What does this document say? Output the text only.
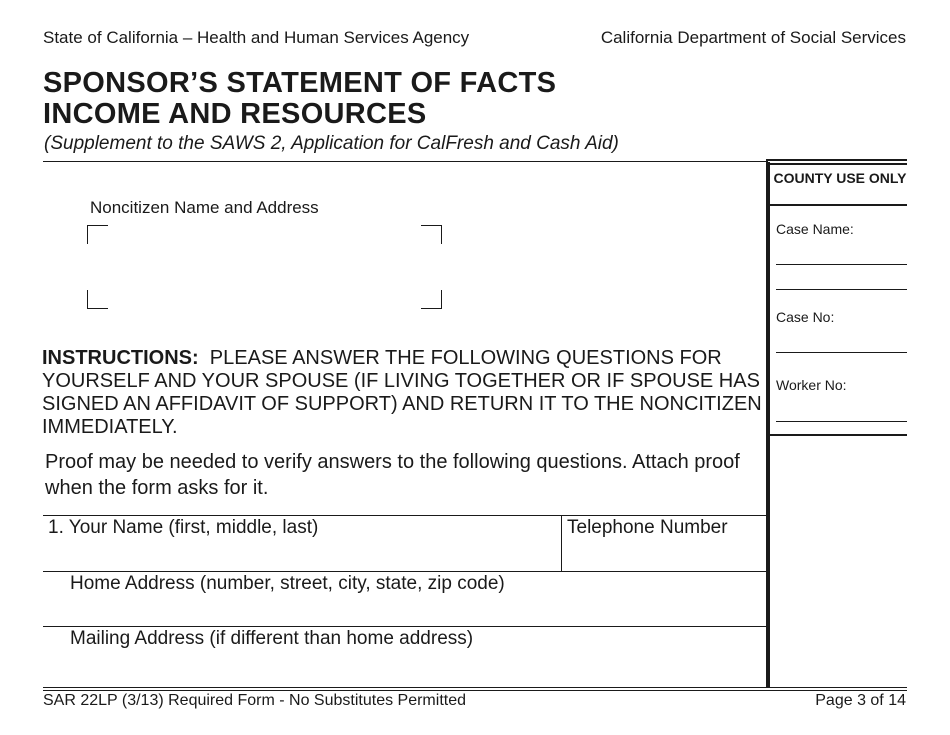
State of California – Health and Human Services Agency	California Department of Social Services
SPONSOR’S STATEMENT OF FACTS
INCOME AND RESOURCES
(Supplement to the SAWS 2, Application for CalFresh and Cash Aid)
COUNTY USE ONLY
Case Name:
Case No:
Worker No:
Noncitizen Name and Address
INSTRUCTIONS: PLEASE ANSWER THE FOLLOWING QUESTIONS FOR YOURSELF AND YOUR SPOUSE (IF LIVING TOGETHER OR IF SPOUSE HAS SIGNED AN AFFIDAVIT OF SUPPORT) AND RETURN IT TO THE NONCITIZEN IMMEDIATELY.
Proof may be needed to verify answers to the following questions. Attach proof when the form asks for it.
1. Your Name (first, middle, last)	Telephone Number
Home Address (number, street, city, state, zip code)
Mailing Address (if different than home address)
SAR 22LP (3/13) Required Form - No Substitutes Permitted	Page 3 of 14
